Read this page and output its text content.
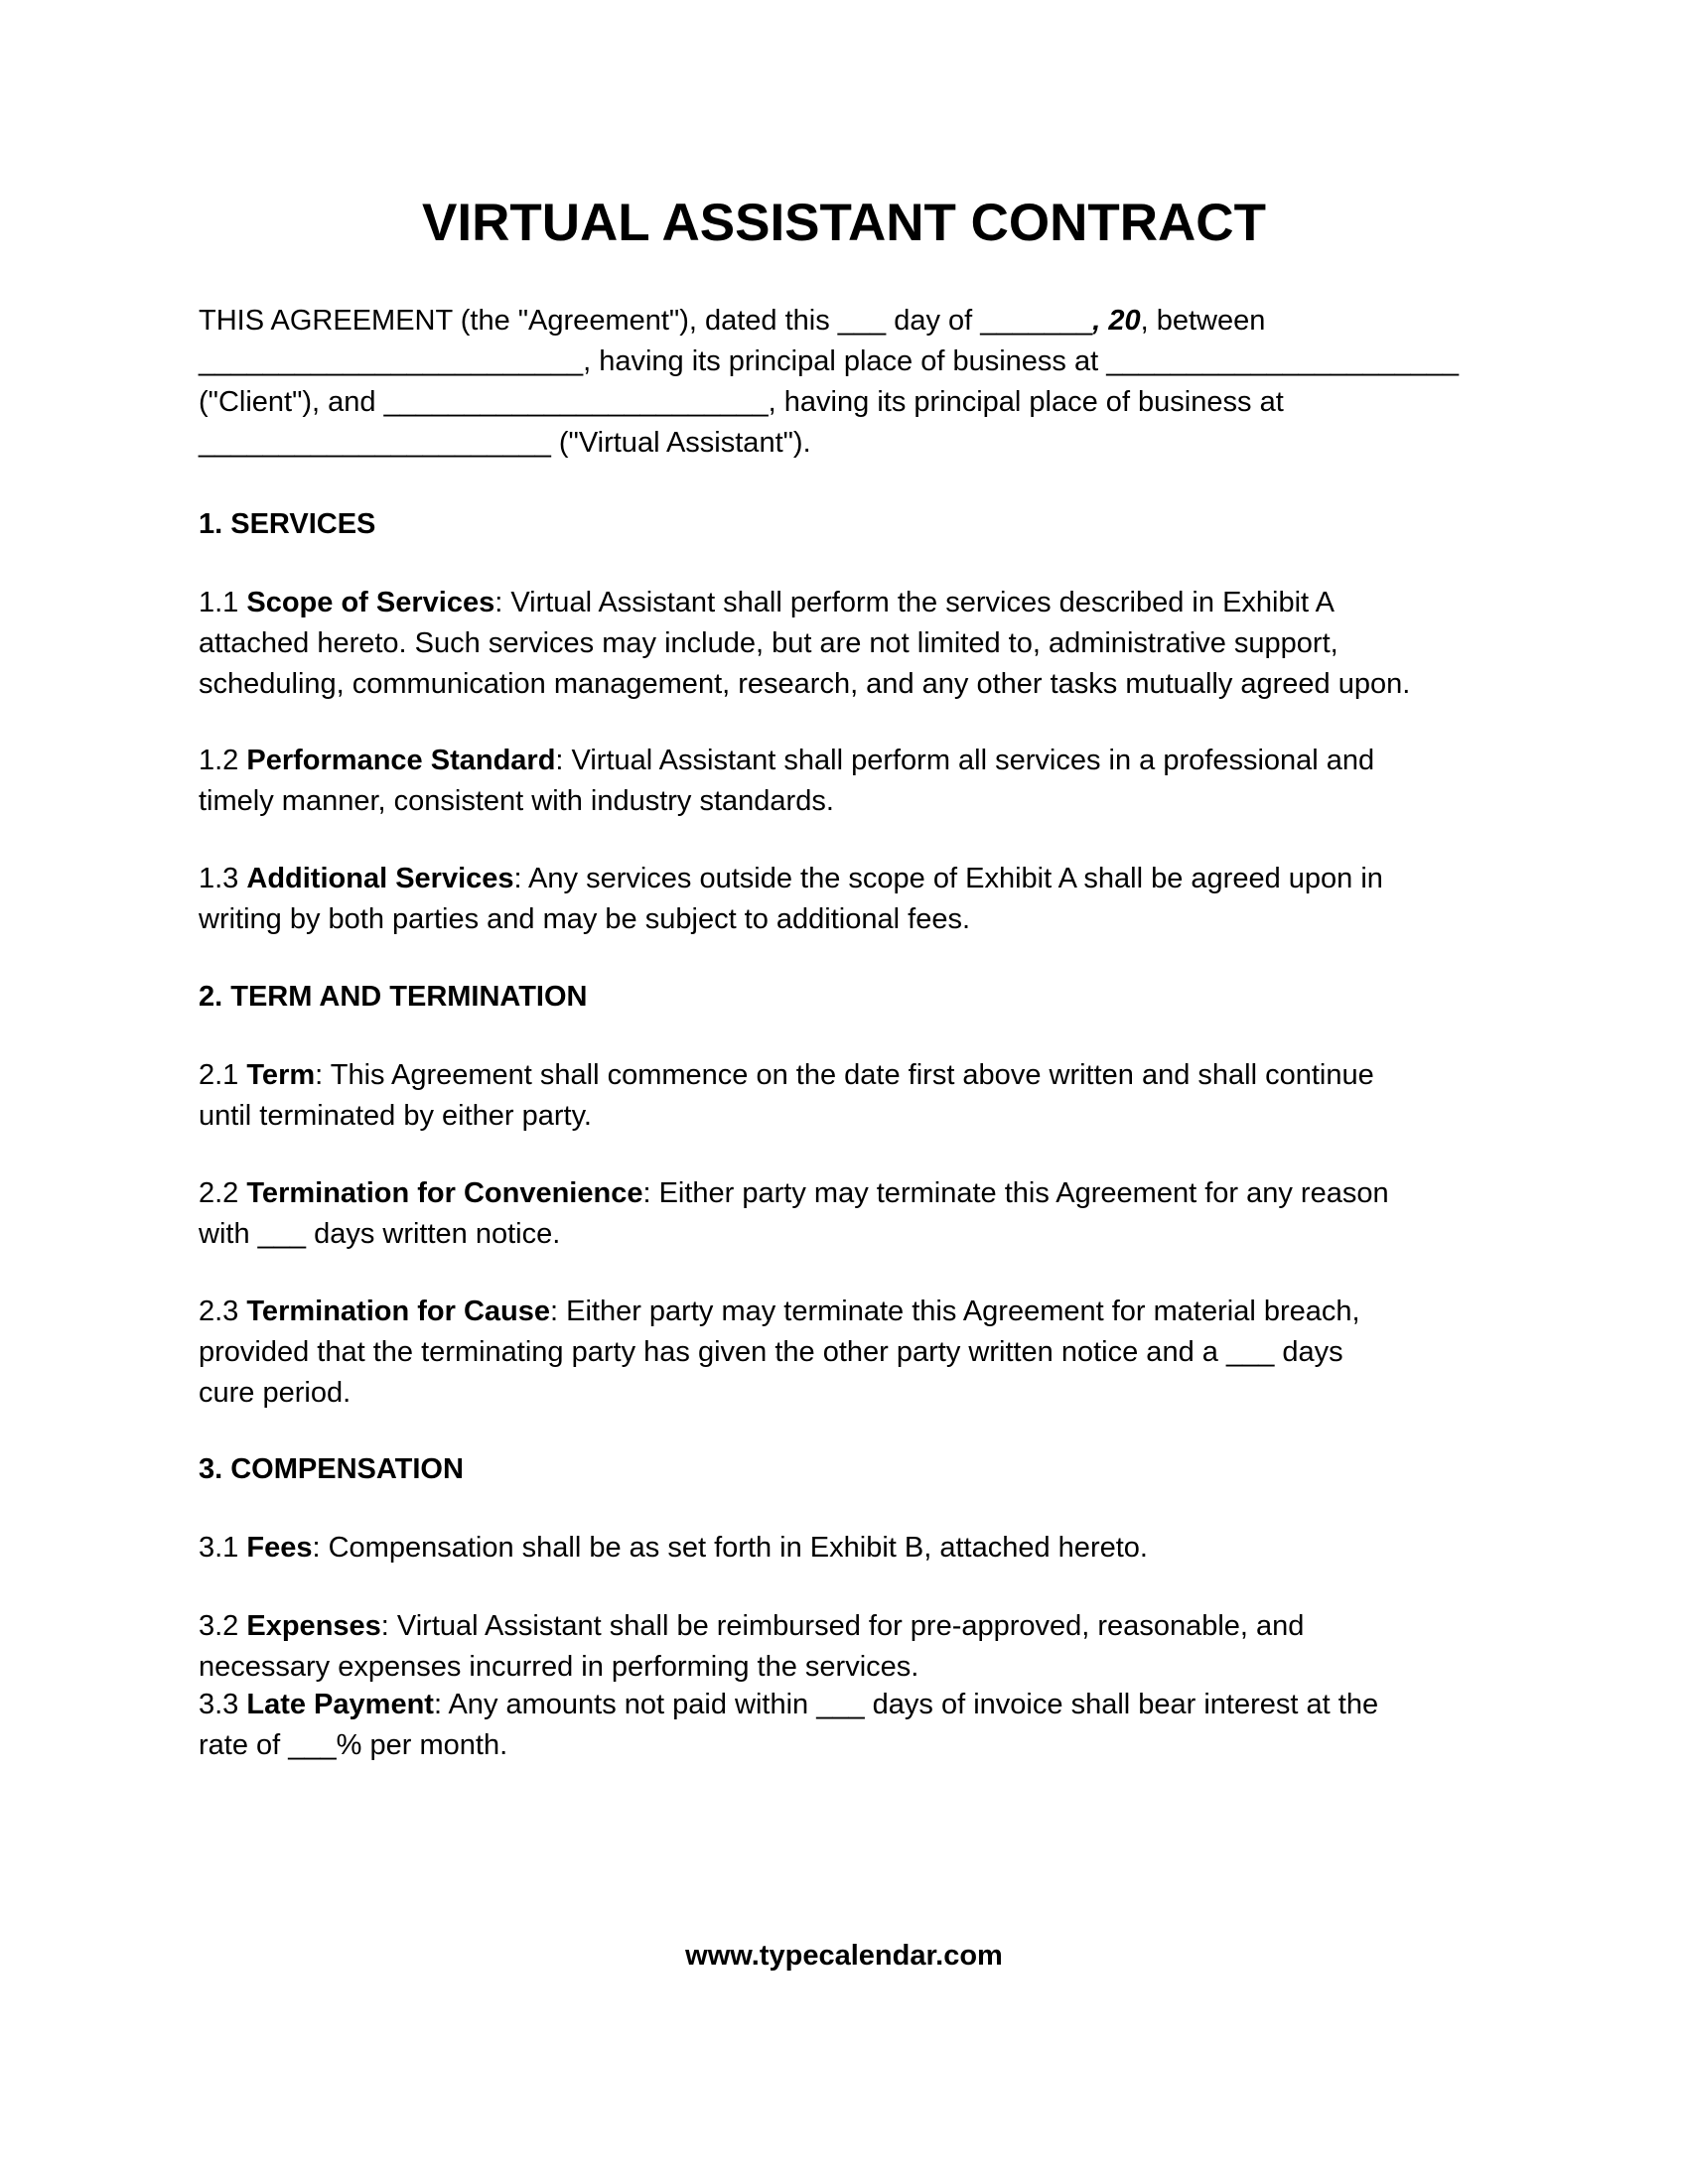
VIRTUAL ASSISTANT CONTRACT
THIS AGREEMENT (the "Agreement"), dated this ___ day of _______, 20, between
________________________, having its principal place of business at ______________________
("Client"), and ________________________, having its principal place of business at
______________________ ("Virtual Assistant").
1. SERVICES
1.1 Scope of Services: Virtual Assistant shall perform the services described in Exhibit A
attached hereto. Such services may include, but are not limited to, administrative support,
scheduling, communication management, research, and any other tasks mutually agreed upon.
1.2 Performance Standard: Virtual Assistant shall perform all services in a professional and
timely manner, consistent with industry standards.
1.3 Additional Services: Any services outside the scope of Exhibit A shall be agreed upon in
writing by both parties and may be subject to additional fees.
2. TERM AND TERMINATION
2.1 Term: This Agreement shall commence on the date first above written and shall continue
until terminated by either party.
2.2 Termination for Convenience: Either party may terminate this Agreement for any reason
with ___ days written notice.
2.3 Termination for Cause: Either party may terminate this Agreement for material breach,
provided that the terminating party has given the other party written notice and a ___ days
cure period.
3. COMPENSATION
3.1 Fees: Compensation shall be as set forth in Exhibit B, attached hereto.
3.2 Expenses: Virtual Assistant shall be reimbursed for pre-approved, reasonable, and
necessary expenses incurred in performing the services.
3.3 Late Payment: Any amounts not paid within ___ days of invoice shall bear interest at the
rate of ___% per month.
www.typecalendar.com
